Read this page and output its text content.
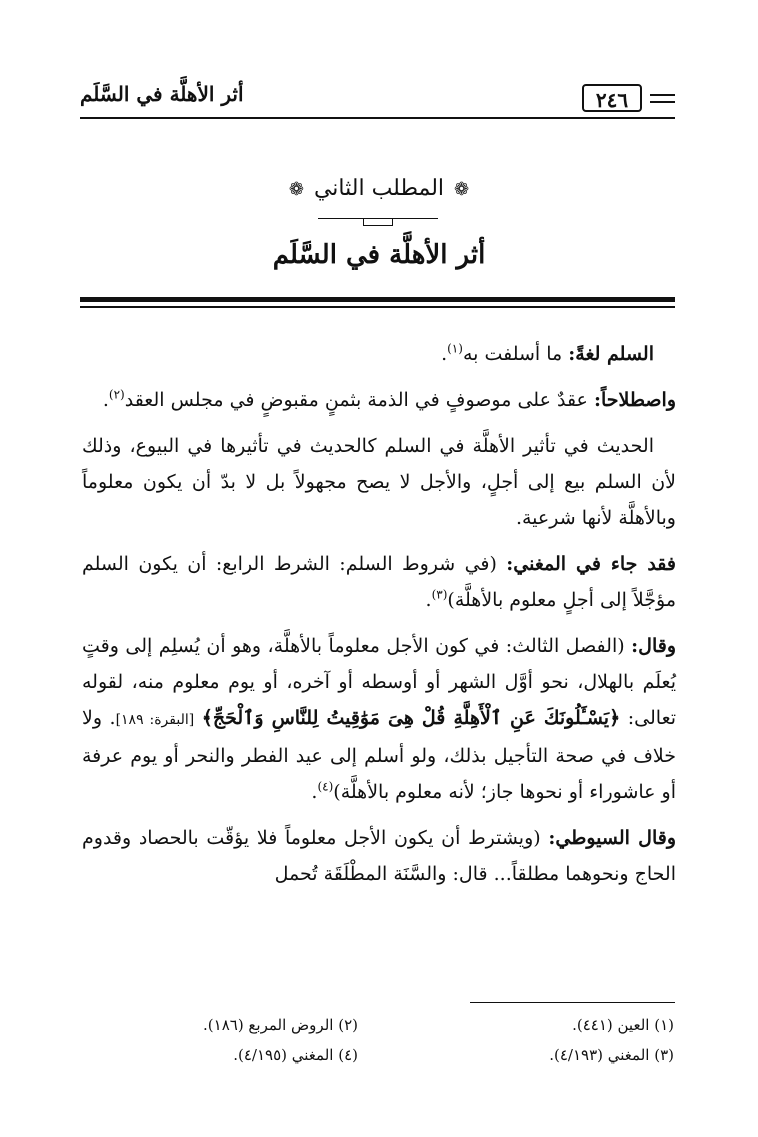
أثر الأهلَّة في السَّلَم	٢٤٦
❁المطلب الثاني❁
أثر الأهلَّة في السَّلَم

السلم لغةً: ما أسلفت به$^{(١)}$.

واصطلاحاً: عقدٌ على موصوفٍ في الذمة بثمنٍ مقبوضٍ في مجلس العقد$^{(٢)}$.

الحديث في تأثير الأهلَّة في السلم كالحديث في تأثيرها في البيوع، وذلك لأن السلم بيع إلى أجلٍ، والأجل لا يصح مجهولاً بل لا بدّ أن يكون معلوماً وبالأهلَّة لأنها شرعية.

فقد جاء في المغني: (في شروط السلم: الشرط الرابع: أن يكون السلم مؤجَّلاً إلى أجلٍ معلوم بالأهلَّة)$^{(٣)}$.

وقال: (الفصل الثالث: في كون الأجل معلوماً بالأهلَّة، وهو أن يُسلِم إلى وقتٍ يُعلَم بالهلال، نحو أوَّل الشهر أو أوسطه أو آخره، أو يوم معلوم منه، لقوله تعالى: ﴿يَسْـَٔلُونَكَ عَنِ ٱلْأَهِلَّةِ قُلْ هِىَ مَوَٰقِيتُ لِلنَّاسِ وَٱلْحَجِّ﴾ [البقرة: ١٨٩]. ولا خلاف في صحة التأجيل بذلك، ولو أسلم إلى عيد الفطر والنحر أو يوم عرفة أو عاشوراء أو نحوها جاز؛ لأنه معلوم بالأهلَّة)$^{(٤)}$.

وقال السيوطي: (ويشترط أن يكون الأجل معلوماً فلا يؤقّت بالحصاد وقدوم الحاج ونحوهما مطلقاً... قال: والسَّنَة المطْلَقَة تُحمل

(١) العين (٤٤١).
(٢) الروض المربع (١٨٦).
(٣) المغني (٤/١٩٣).
(٤) المغني (٤/١٩٥).
